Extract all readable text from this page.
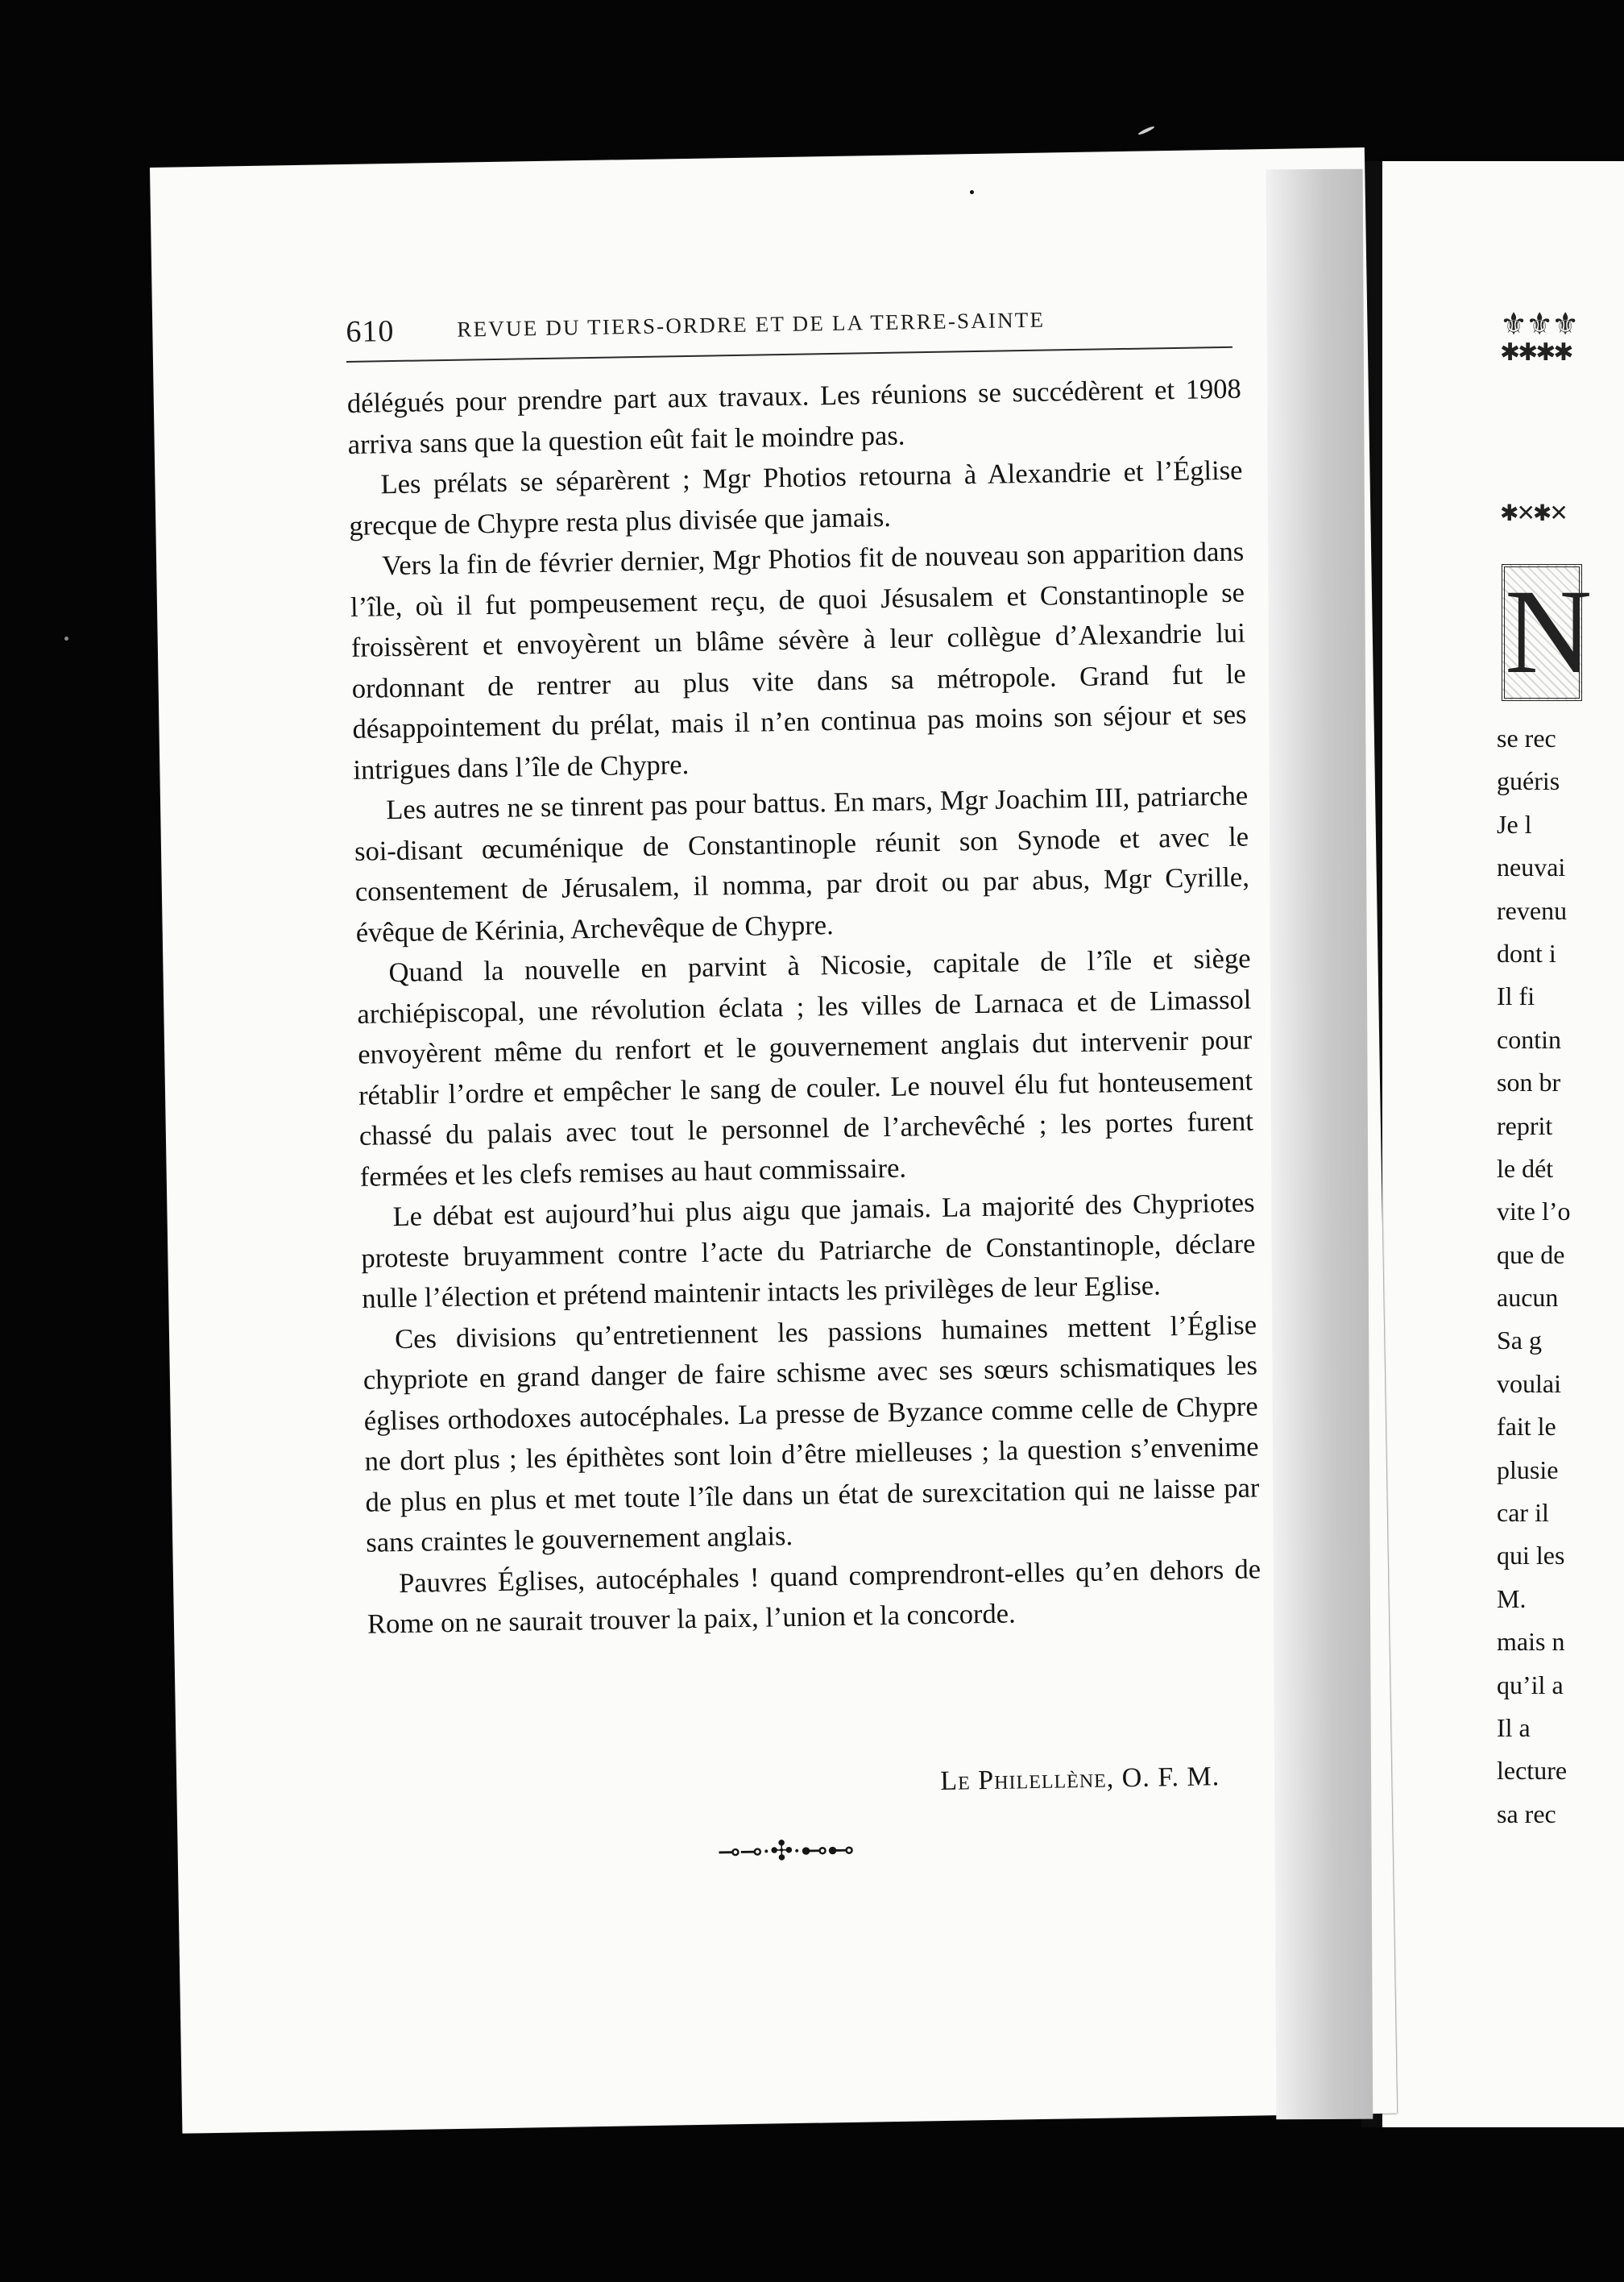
610	REVUE DU TIERS-ORDRE ET DE LA TERRE-SAINTE

délégués pour prendre part aux travaux. Les réunions se succédèrent et 1908 arriva sans que la question eût fait le moindre pas.

Les prélats se séparèrent ; Mgr Photios retourna à Alexandrie et l’Église grecque de Chypre resta plus divisée que jamais.

Vers la fin de février dernier, Mgr Photios fit de nouveau son apparition dans l’île, où il fut pompeusement reçu, de quoi Jésusalem et Constantinople se froissèrent et envoyèrent un blâme sévère à leur collègue d’Alexandrie lui ordonnant de rentrer au plus vite dans sa métropole. Grand fut le désappointement du prélat, mais il n’en continua pas moins son séjour et ses intrigues dans l’île de Chypre.

Les autres ne se tinrent pas pour battus. En mars, Mgr Joachim III, patriarche soi-disant œcuménique de Constantinople réunit son Synode et avec le consentement de Jérusalem, il nomma, par droit ou par abus, Mgr Cyrille, évêque de Kérinia, Archevêque de Chypre.

Quand la nouvelle en parvint à Nicosie, capitale de l’île et siège archiépiscopal, une révolution éclata ; les villes de Larnaca et de Limassol envoyèrent même du renfort et le gouvernement anglais dut intervenir pour rétablir l’ordre et empêcher le sang de couler. Le nouvel élu fut honteusement chassé du palais avec tout le personnel de l’archevêché ; les portes furent fermées et les clefs remises au haut commissaire.

Le débat est aujourd’hui plus aigu que jamais. La majorité des Chypriotes proteste bruyamment contre l’acte du Patriarche de Constantinople, déclare nulle l’élection et prétend maintenir intacts les privilèges de leur Eglise.

Ces divisions qu’entretiennent les passions humaines mettent l’Église chypriote en grand danger de faire schisme avec ses sœurs schismatiques les églises orthodoxes autocéphales. La presse de Byzance comme celle de Chypre ne dort plus ; les épithètes sont loin d’être mielleuses ; la question s’envenime de plus en plus et met toute l’île dans un état de surexcitation qui ne laisse par sans craintes le gouvernement anglais.

Pauvres Églises, autocéphales ! quand comprendront-elles qu’en dehors de Rome on ne saurait trouver la paix, l’union et la concorde.

Le Philellène, O. F. M.
⊸⊸·✣·⊷⊷
⚜⚜⚜
✱✱✱✱
✱✕✱✕
N
se rec
guéris
Je l
neuvai
revenu
dont i
Il fi
contin
son br
reprit
le dét
vite l’o
que de
aucun
Sa g
voulai
fait le
plusie
car il
qui les
M.
mais n
qu’il a
Il a
lecture
sa rec
